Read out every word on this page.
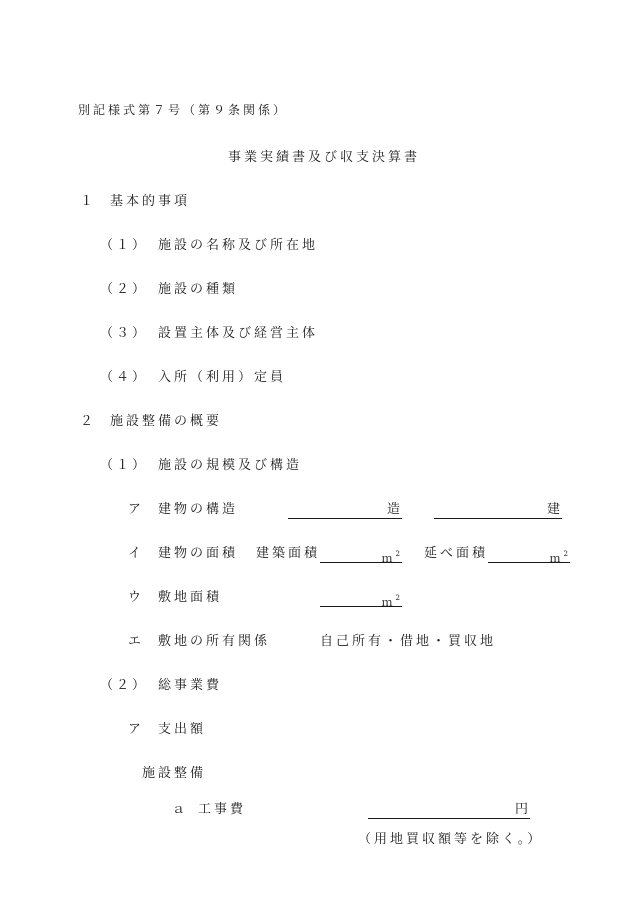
別記様式第７号（第９条関係）
事業実績書及び収支決算書
１ 基本的事項
（１） 施設の名称及び所在地
（２） 施設の種類
（３） 設置主体及び経営主体
（４） 入所（利用）定員
２ 施設整備の概要
（１） 施設の規模及び構造
ア 建物の構造	造	建
イ 建物の面積 建築面積	ｍ $^2$ 延べ面積	ｍ $^2$
ウ 敷地面積	ｍ $^2$
エ 敷地の所有関係	自己所有・借地・買収地
（２） 総事業費
ア 支出額
施設整備
ａ 工事費	円
（用地買収額等を除く。）
